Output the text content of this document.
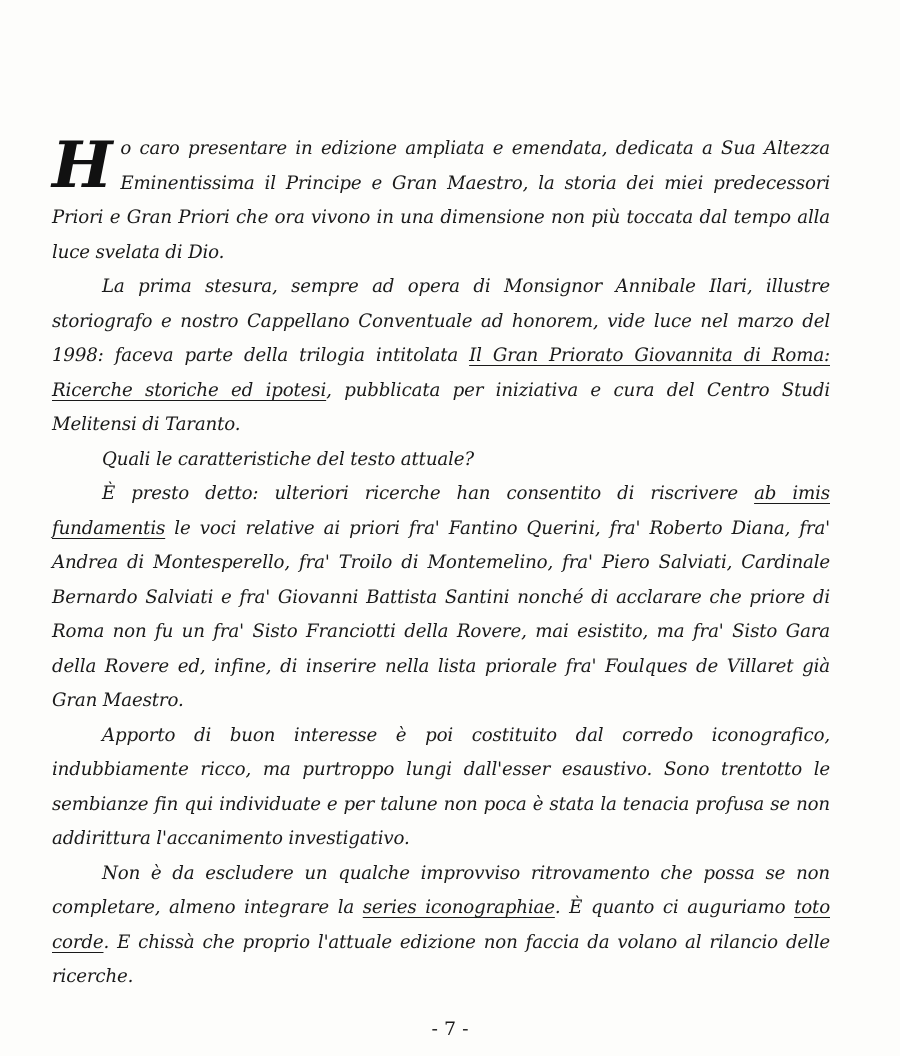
Ho caro presentare in edizione ampliata e emendata, dedicata a Sua Altezza Eminentissima il Principe e Gran Maestro, la storia dei miei predecessori Priori e Gran Priori che ora vivono in una dimensione non più toccata dal tempo alla luce svelata di Dio.

La prima stesura, sempre ad opera di Monsignor Annibale Ilari, illustre storiografo e nostro Cappellano Conventuale ad honorem, vide luce nel marzo del 1998: faceva parte della trilogia intitolata Il Gran Priorato Giovannita di Roma: Ricerche storiche ed ipotesi, pubblicata per iniziativa e cura del Centro Studi Melitensi di Taranto.

Quali le caratteristiche del testo attuale?

È presto detto: ulteriori ricerche han consentito di riscrivere ab imis fundamentis le voci relative ai priori fra' Fantino Querini, fra' Roberto Diana, fra' Andrea di Montesperello, fra' Troilo di Montemelino, fra' Piero Salviati, Cardinale Bernardo Salviati e fra' Giovanni Battista Santini nonché di acclarare che priore di Roma non fu un fra' Sisto Franciotti della Rovere, mai esistito, ma fra' Sisto Gara della Rovere ed, infine, di inserire nella lista priorale fra' Foulques de Villaret già Gran Maestro.

Apporto di buon interesse è poi costituito dal corredo iconografico, indubbiamente ricco, ma purtroppo lungi dall'esser esaustivo. Sono trentotto le sembianze fin qui individuate e per talune non poca è stata la tenacia profusa se non addirittura l'accanimento investigativo.

Non è da escludere un qualche improvviso ritrovamento che possa se non completare, almeno integrare la series iconographiae. È quanto ci auguriamo toto corde. E chissà che proprio l'attuale edizione non faccia da volano al rilancio delle ricerche.

- 7 -
